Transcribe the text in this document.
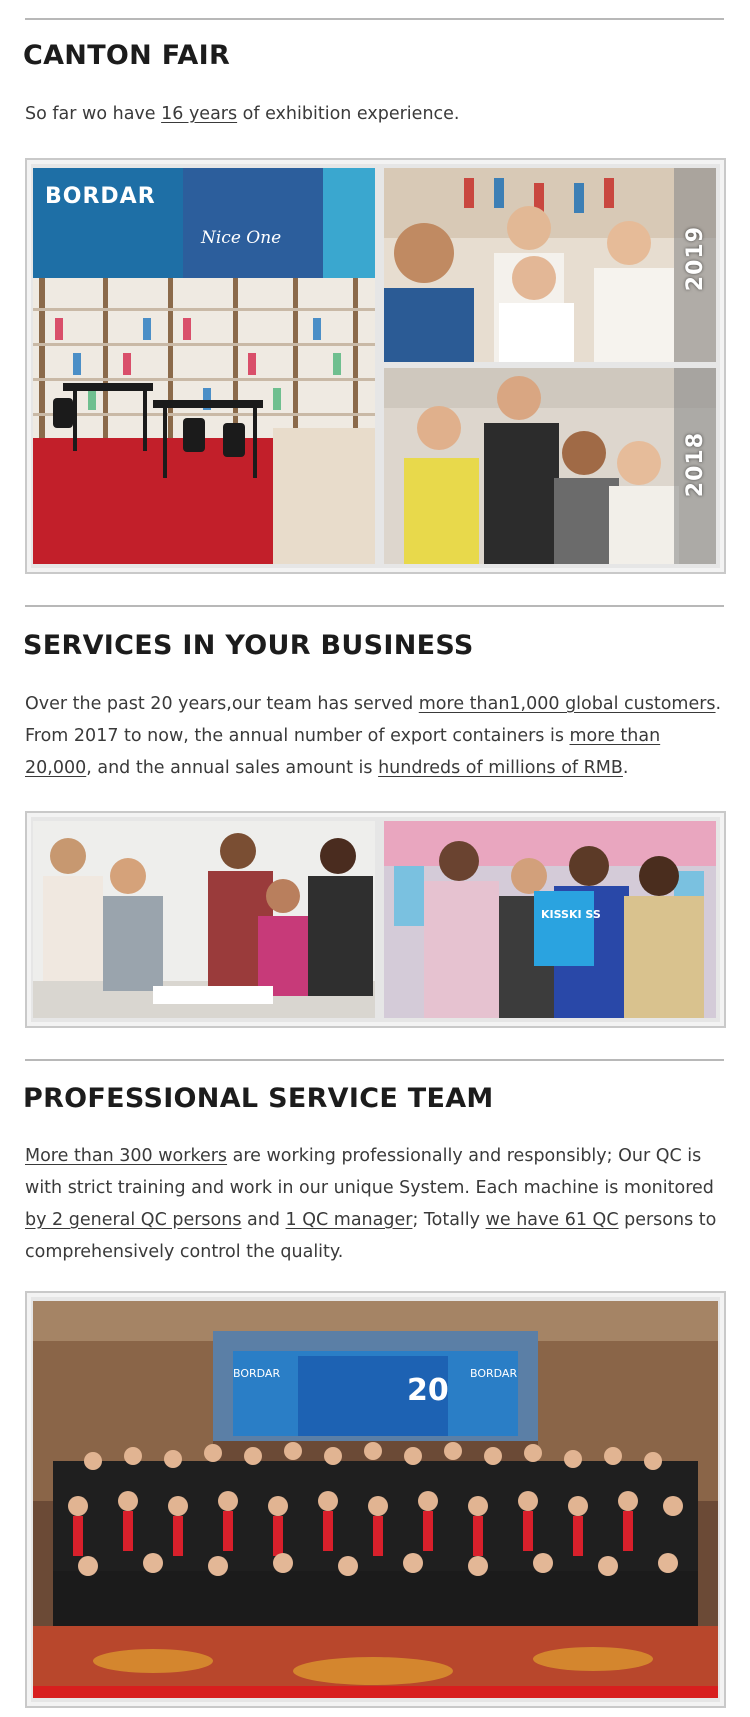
CANTON FAIR

So far wo have 16 years of exhibition experience.

BORDAR
Nice One	2019
2018
SERVICES IN YOUR BUSINESS

Over the past 20 years,our team has served more than1,000 global customers. From 2017 to now, the annual number of export containers is more than 20,000, and the annual sales amount is hundreds of millions of RMB.

KISSKI SS
PROFESSIONAL SERVICE TEAM

More than 300 workers are working professionally and responsibly; Our QC is with strict training and work in our unique System. Each machine is monitored by 2 general QC persons and 1 QC manager; Totally we have 61 QC persons to comprehensively control the quality.

BORDAR	BORDAR
20
